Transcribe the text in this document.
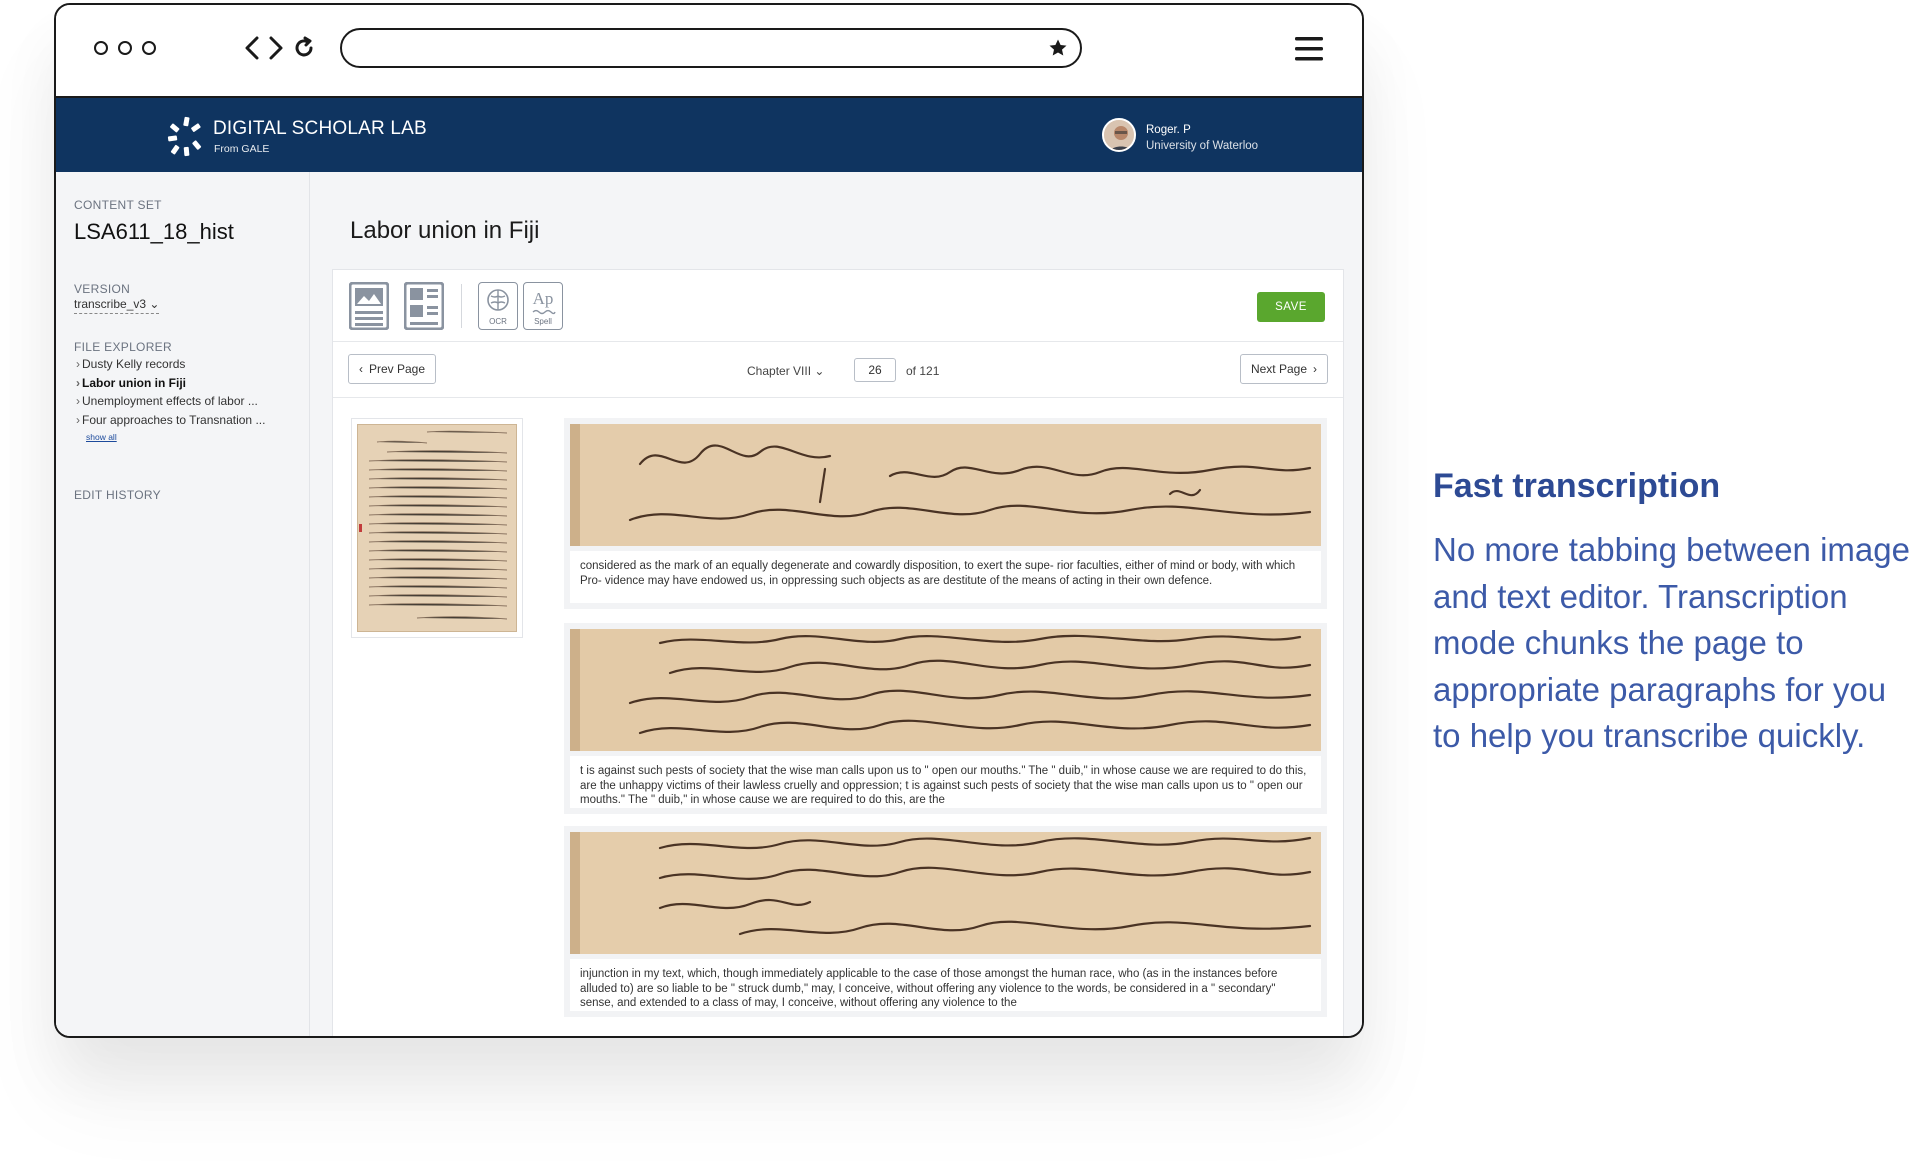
DIGITAL SCHOLAR LAB
From GALE
Roger. P
University of Waterloo
CONTENT SET
LSA611_18_hist
VERSION
transcribe_v3 ⌄
FILE EXPLORER
› Dusty Kelly records
› Labor union in Fiji
› Unemployment effects of labor ...
› Four approaches to Transnation ...
show all
EDIT HISTORY
Labor union in Fiji
OCR
Ap
Spell
SAVE
‹ Prev Page	Chapter VIII ⌄
26	of 121	Next Page ›
considered as the mark of an equally degenerate and cowardly disposition, to exert the supe- rior faculties, either of mind or body, with which Pro- vidence may have endowed us, in oppressing such objects as are destitute of the means of acting in their own defence.
t is against such pests of society that the wise man calls upon us to " open our mouths." The " duib," in whose cause we are required to do this, are the unhappy victims of their lawless cruelly and oppression; t is against such pests of society that the wise man calls upon us to " open our mouths." The " duib," in whose cause we are required to do this, are the
injunction in my text, which, though immediately applicable to the case of those amongst the human race, who (as in the instances before alluded to) are so liable to be " struck dumb," may, I conceive, without offering any violence to the words, be considered in a " secondary" sense, and extended to a class of may, I conceive, without offering any violence to the
Fast transcription
No more tabbing between image and text editor. Transcription mode chunks the page to appropriate paragraphs for you to help you transcribe quickly.
